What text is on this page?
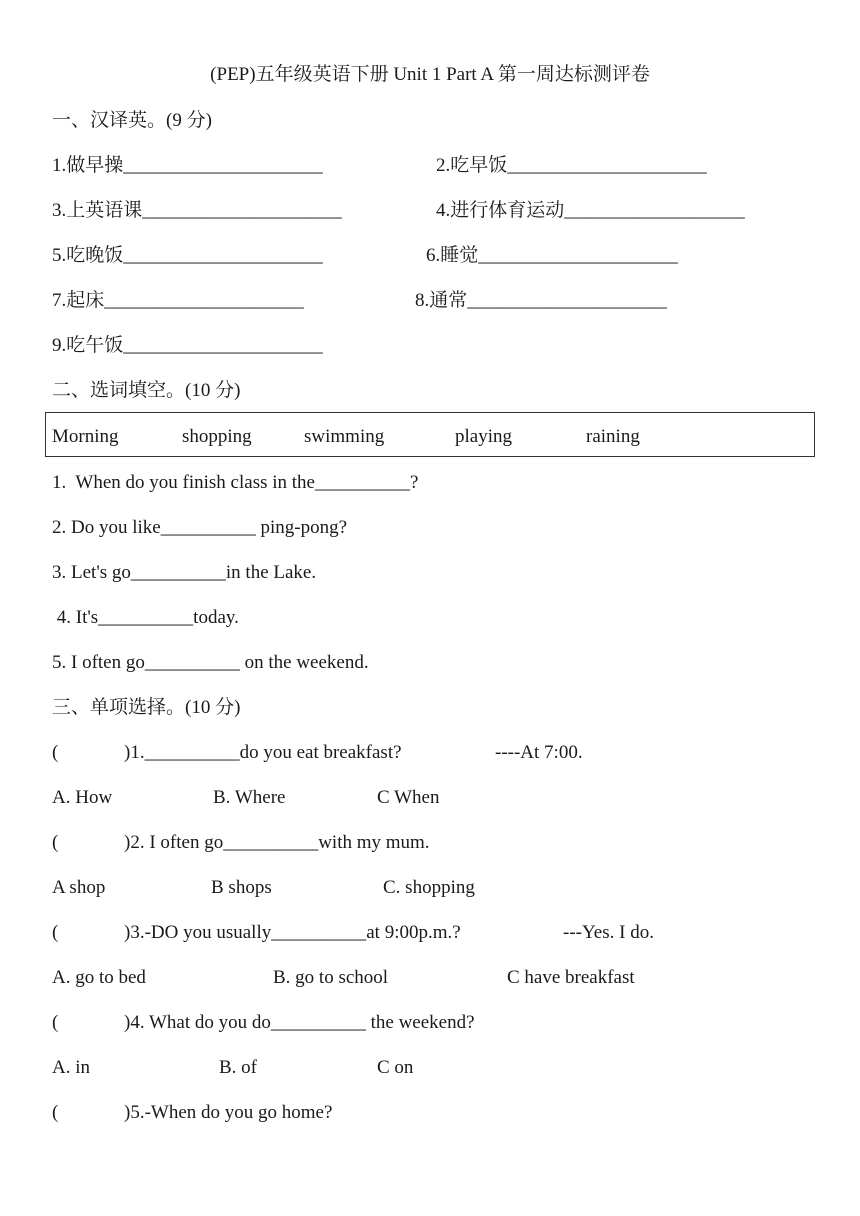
(PEP)五年级英语下册 Unit 1 Part A 第一周达标测评卷
一、汉译英。(9 分)
1.做早操_____________________	2.吃早饭_____________________
3.上英语课_____________________	4.进行体育运动___________________
5.吃晚饭_____________________	6.睡觉_____________________
7.起床_____________________	8.通常_____________________
9.吃午饭_____________________
二、选词填空。(10 分)
Morning	shopping	swimming	playing	raining
1.  When do you finish class in the__________?
2. Do you like__________ ping-pong?
3. Let's go__________in the Lake.
4. It's__________today.
5. I often go__________ on the weekend.
三、单项选择。(10 分)
(	)1.__________do you eat breakfast?	----At 7:00.
A. How	B. Where	C When
(	)2. I often go__________with my mum.
A shop	B shops	C. shopping
(	)3.-DO you usually__________at 9:00p.m.?	---Yes. I do.
A. go to bed	B. go to school	C have breakfast
(	)4. What do you do__________ the weekend?
A. in	B. of	C on
(	)5.-When do you go home?
